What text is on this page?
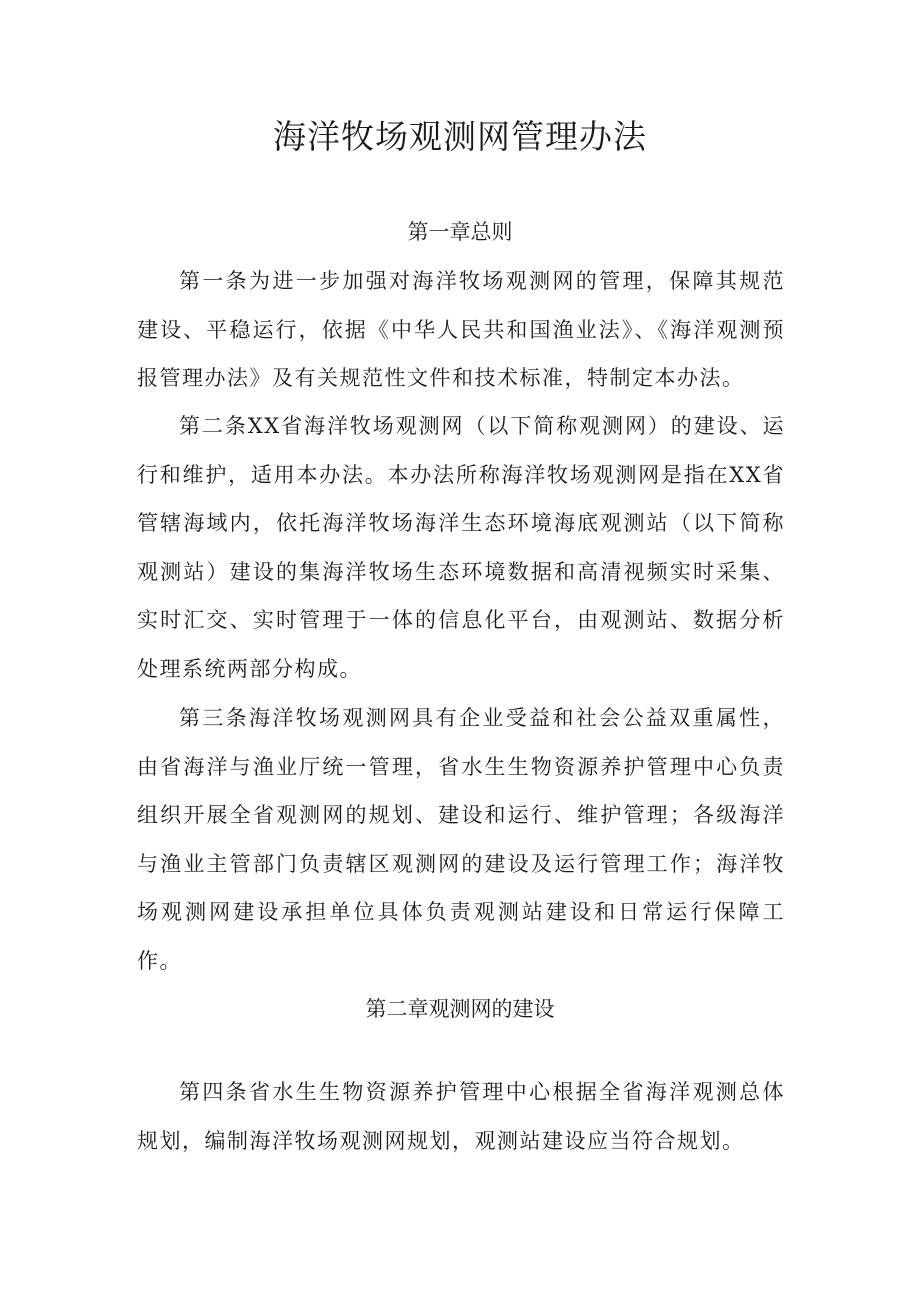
海洋牧场观测网管理办法
第一章总则

第一条为进一步加强对海洋牧场观测网的管理，保障其规范建设、平稳运行，依据《中华人民共和国渔业法》、《海洋观测预报管理办法》及有关规范性文件和技术标准，特制定本办法。

第二条XX省海洋牧场观测网（以下简称观测网）的建设、运行和维护，适用本办法。本办法所称海洋牧场观测网是指在XX省管辖海域内，依托海洋牧场海洋生态环境海底观测站（以下简称观测站）建设的集海洋牧场生态环境数据和高清视频实时采集、实时汇交、实时管理于一体的信息化平台，由观测站、数据分析处理系统两部分构成。

第三条海洋牧场观测网具有企业受益和社会公益双重属性，由省海洋与渔业厅统一管理，省水生生物资源养护管理中心负责组织开展全省观测网的规划、建设和运行、维护管理；各级海洋与渔业主管部门负责辖区观测网的建设及运行管理工作；海洋牧场观测网建设承担单位具体负责观测站建设和日常运行保障工作。

第二章观测网的建设

第四条省水生生物资源养护管理中心根据全省海洋观测总体规划，编制海洋牧场观测网规划，观测站建设应当符合规划。
